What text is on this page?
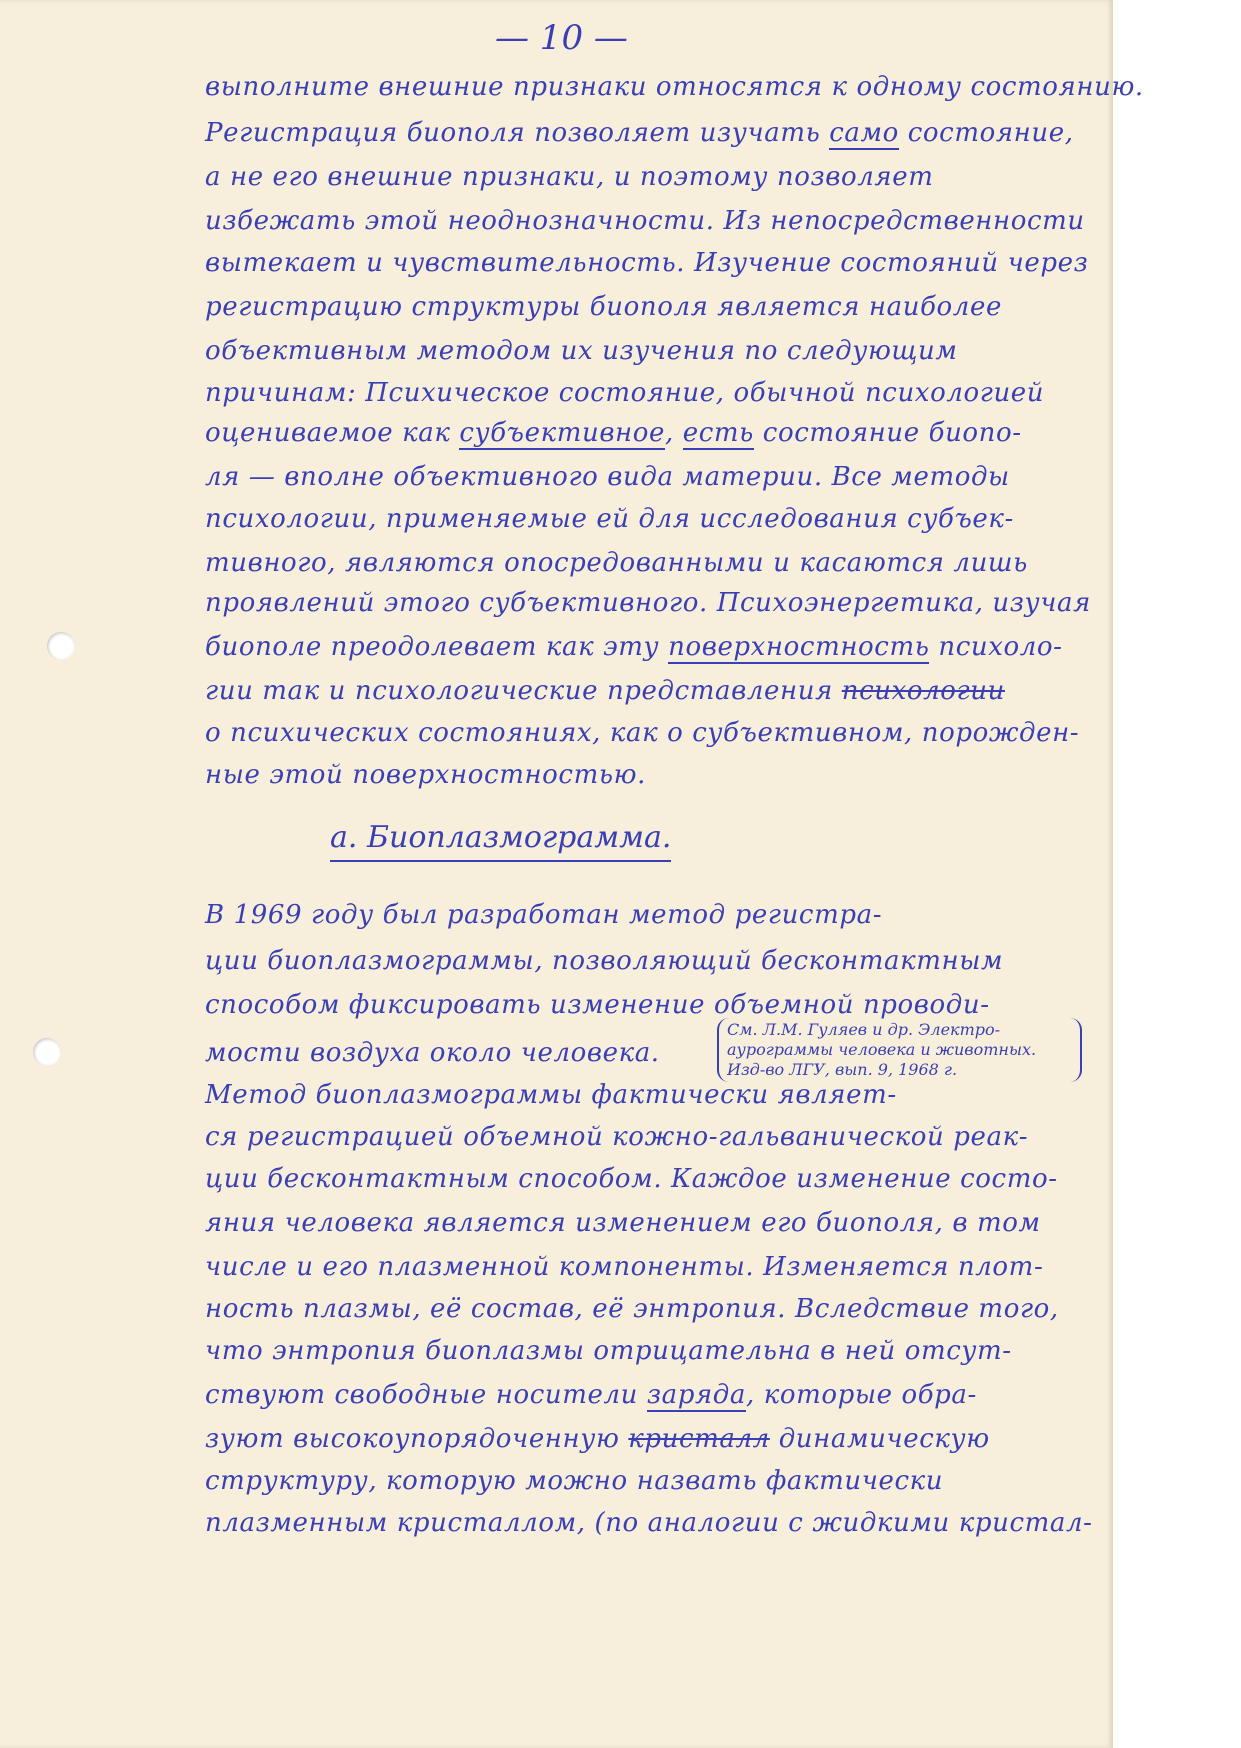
— 10 —
выполните внешние признаки относятся к одному состоянию.
Регистрация биополя позволяет изучать само состояние,
а не его внешние признаки, и поэтому позволяет
избежать этой неоднозначности. Из непосредственности
вытекает и чувствительность. Изучение состояний через
регистрацию структуры биополя является наиболее
объективным методом их изучения по следующим
причинам: Психическое состояние, обычной психологией
оцениваемое как субъективное, есть состояние биопо-
ля — вполне объективного вида материи. Все методы
психологии, применяемые ей для исследования субъек-
тивного, являются опосредованными и касаются лишь
проявлений этого субъективного. Психоэнергетика, изучая
биополе преодолевает как эту поверхностность психоло-
гии так и психологические представления психологии
о психических состояниях, как о субъективном, порожден-
ные этой поверхностностью.
а. Биоплазмограмма.
В 1969 году был разработан метод регистра-
ции биоплазмограммы, позволяющий бесконтактным
способом фиксировать изменение объемной проводи-
мости воздуха около человека.
Метод биоплазмограммы фактически являет-
ся регистрацией объемной кожно-гальванической реак-
ции бесконтактным способом. Каждое изменение состо-
яния человека является изменением его биополя, в том
числе и его плазменной компоненты. Изменяется плот-
ность плазмы, её состав, её энтропия. Вследствие того,
что энтропия биоплазмы отрицательна в ней отсут-
ствуют свободные носители заряда, которые обра-
зуют высокоупорядоченную кристалл динамическую
структуру, которую можно назвать фактически
плазменным кристаллом, (по аналогии с жидкими кристал-
См. Л.М. Гуляев и др. Электро-аурограммы человека и животных. Изд-во ЛГУ, вып. 9, 1968 г.
